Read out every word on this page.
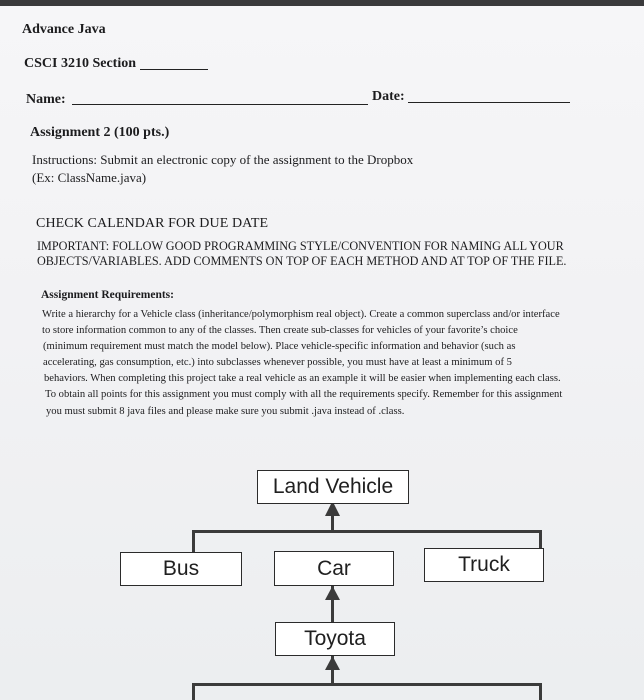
Advance Java
CSCI 3210 Section
Name:	Date:
Assignment 2 (100 pts.)
Instructions: Submit an electronic copy of the assignment to the Dropbox
(Ex: ClassName.java)
CHECK CALENDAR FOR DUE DATE
IMPORTANT: FOLLOW GOOD PROGRAMMING STYLE/CONVENTION FOR NAMING ALL YOUR
OBJECTS/VARIABLES. ADD COMMENTS ON TOP OF EACH METHOD AND AT TOP OF THE FILE.
Assignment Requirements:
Write a hierarchy for a Vehicle class (inheritance/polymorphism real object). Create a common superclass and/or interface
to store information common to any of the classes. Then create sub-classes for vehicles of your favorite’s choice
(minimum requirement must match the model below). Place vehicle-specific information and behavior (such as
accelerating, gas consumption, etc.) into subclasses whenever possible, you must have at least a minimum of 5
behaviors. When completing this project take a real vehicle as an example it will be easier when implementing each class.
To obtain all points for this assignment you must comply with all the requirements specify. Remember for this assignment
you must submit 8 java files and please make sure you submit .java instead of .class.
Land Vehicle
Bus	Car	Truck
Toyota
